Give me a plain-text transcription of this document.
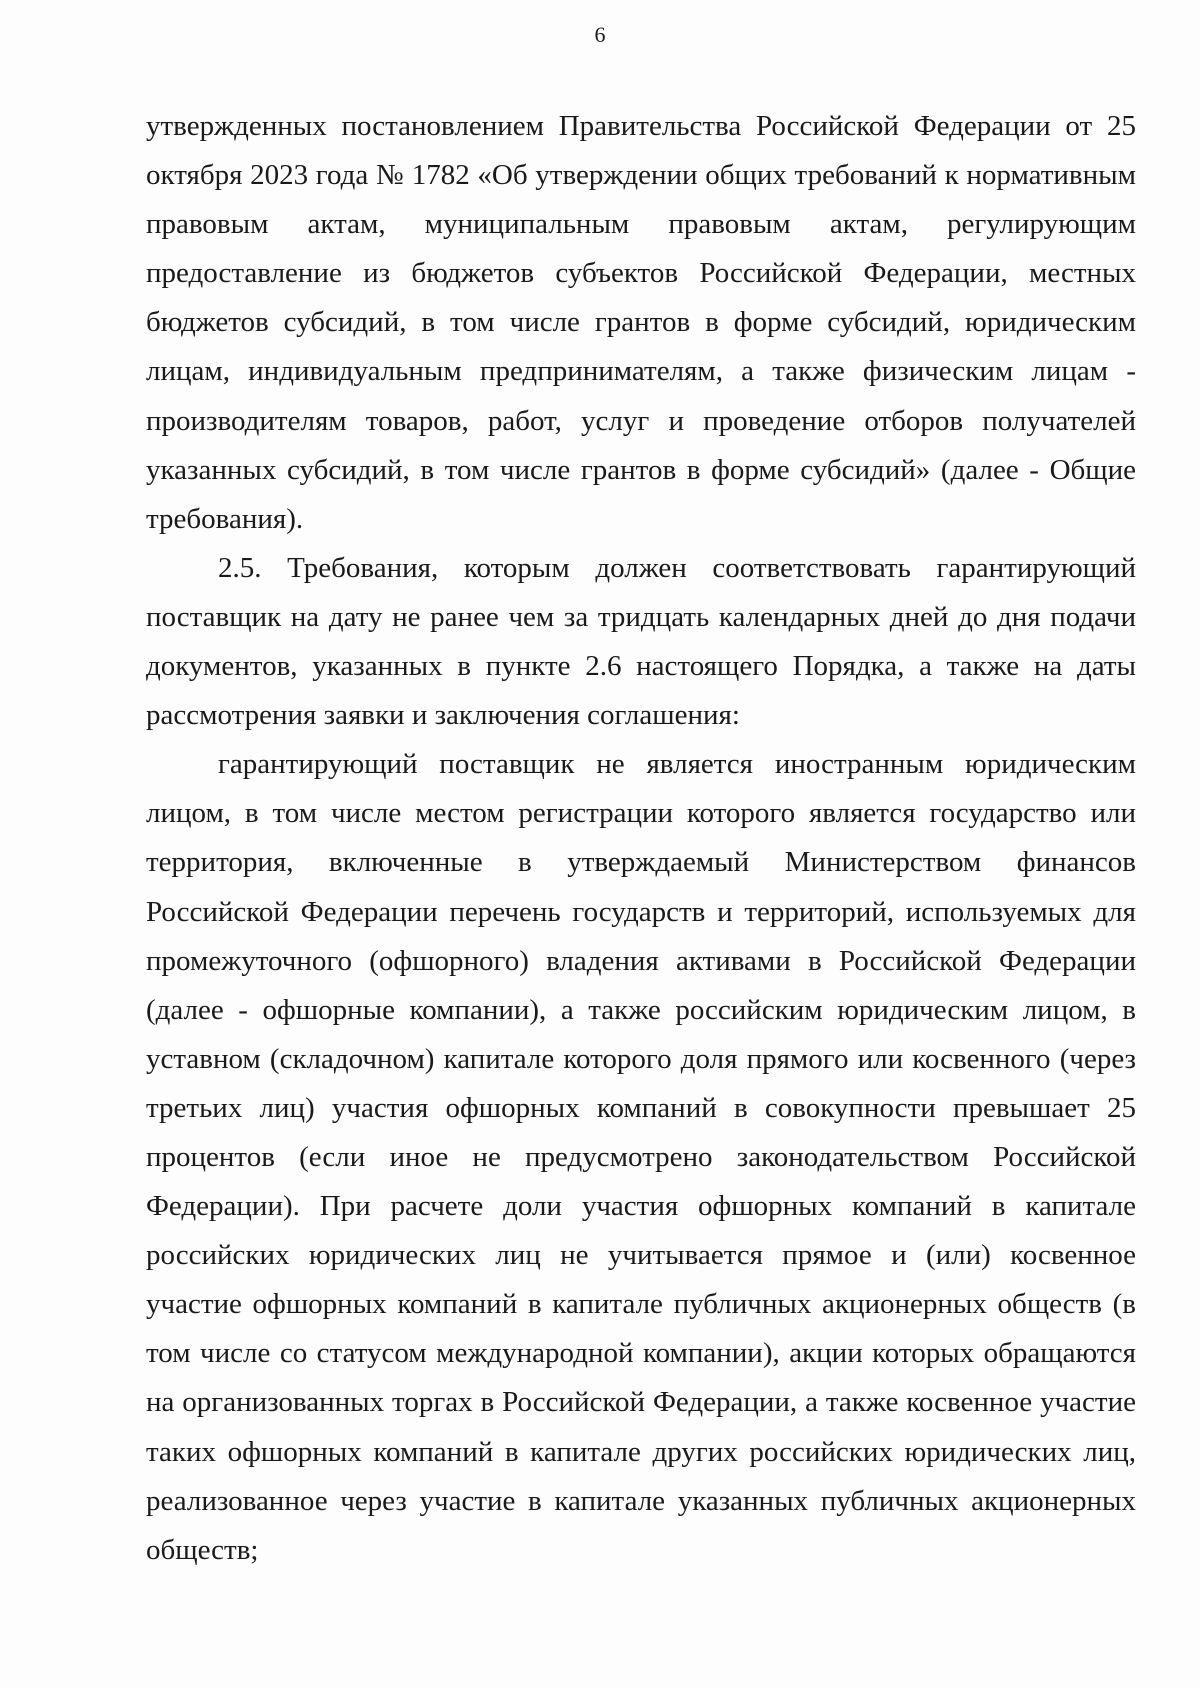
6

утвержденных постановлением Правительства Российской Федерации от 25 октября 2023 года № 1782 «Об утверждении общих требований к нормативным правовым актам, муниципальным правовым актам, регулирующим предоставление из бюджетов субъектов Российской Федерации, местных бюджетов субсидий, в том числе грантов в форме субсидий, юридическим лицам, индивидуальным предпринимателям, а также физическим лицам - производителям товаров, работ, услуг и проведение отборов получателей указанных субсидий, в том числе грантов в форме субсидий» (далее - Общие требования).

2.5. Требования, которым должен соответствовать гарантирующий поставщик на дату не ранее чем за тридцать календарных дней до дня подачи документов, указанных в пункте 2.6 настоящего Порядка, а также на даты рассмотрения заявки и заключения соглашения:

гарантирующий поставщик не является иностранным юридическим лицом, в том числе местом регистрации которого является государство или территория, включенные в утверждаемый Министерством финансов Российской Федерации перечень государств и территорий, используемых для промежуточного (офшорного) владения активами в Российской Федерации (далее - офшорные компании), а также российским юридическим лицом, в уставном (складочном) капитале которого доля прямого или косвенного (через третьих лиц) участия офшорных компаний в совокупности превышает 25 процентов (если иное не предусмотрено законодательством Российской Федерации). При расчете доли участия офшорных компаний в капитале российских юридических лиц не учитывается прямое и (или) косвенное участие офшорных компаний в капитале публичных акционерных обществ (в том числе со статусом международной компании), акции которых обращаются на организованных торгах в Российской Федерации, а также косвенное участие таких офшорных компаний в капитале других российских юридических лиц, реализованное через участие в капитале указанных публичных акционерных обществ;
